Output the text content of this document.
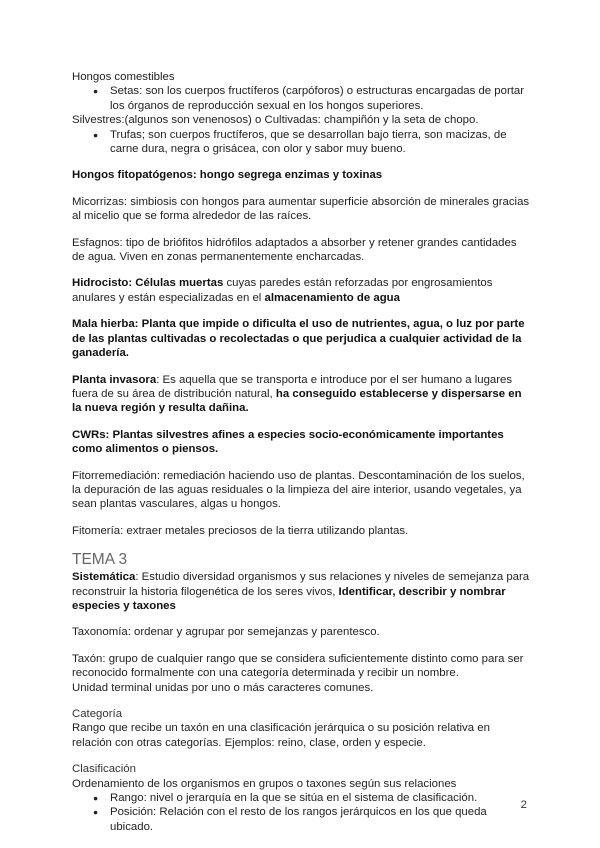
Hongos comestibles

● Setas: son los cuerpos fructíferos (carpóforos) o estructuras encargadas de portar los órganos de reproducción sexual en los hongos superiores.

Silvestres:(algunos son venenosos) o Cultivadas: champiñón y la seta de chopo.

● Trufas; son cuerpos fructíferos, que se desarrollan bajo tierra, son macizas, de carne dura, negra o grisácea, con olor y sabor muy bueno.

Hongos fitopatógenos: hongo segrega enzimas y toxinas

Micorrizas: simbiosis con hongos para aumentar superficie absorción de minerales gracias al micelio que se forma alrededor de las raíces.

Esfagnos: tipo de briófitos hidrófilos adaptados a absorber y retener grandes cantidades de agua. Viven en zonas permanentemente encharcadas.

Hidrocisto: Células muertas cuyas paredes están reforzadas por engrosamientos anulares y están especializadas en el almacenamiento de agua

Mala hierba: Planta que impide o dificulta el uso de nutrientes, agua, o luz por parte de las plantas cultivadas o recolectadas o que perjudica a cualquier actividad de la ganadería.

Planta invasora: Es aquella que se transporta e introduce por el ser humano a lugares fuera de su área de distribución natural, ha conseguido establecerse y dispersarse en la nueva región y resulta dañina.

CWRs: Plantas silvestres afines a especies socio-económicamente importantes como alimentos o piensos.

Fitorremediación: remediación haciendo uso de plantas. Descontaminación de los suelos, la depuración de las aguas residuales o la limpieza del aire interior, usando vegetales, ya sean plantas vasculares, algas u hongos.

Fitomería: extraer metales preciosos de la tierra utilizando plantas.

TEMA 3

Sistemática: Estudio diversidad organismos y sus relaciones y niveles de semejanza para reconstruir la historia filogenética de los seres vivos, Identificar, describir y nombrar especies y taxones

Taxonomía: ordenar y agrupar por semejanzas y parentesco.

Taxón: grupo de cualquier rango que se considera suficientemente distinto como para ser reconocido formalmente con una categoría determinada y recibir un nombre.

Unidad terminal unidas por uno o más caracteres comunes.

Categoría

Rango que recibe un taxón en una clasificación jerárquica o su posición relativa en relación con otras categorías. Ejemplos: reino, clase, orden y especie.

Clasificación

Ordenamiento de los organismos en grupos o taxones según sus relaciones

● Rango: nivel o jerarquía en la que se sitúa en el sistema de clasificación.
● Posición: Relación con el resto de los rangos jerárquicos en los que queda ubicado.
2
